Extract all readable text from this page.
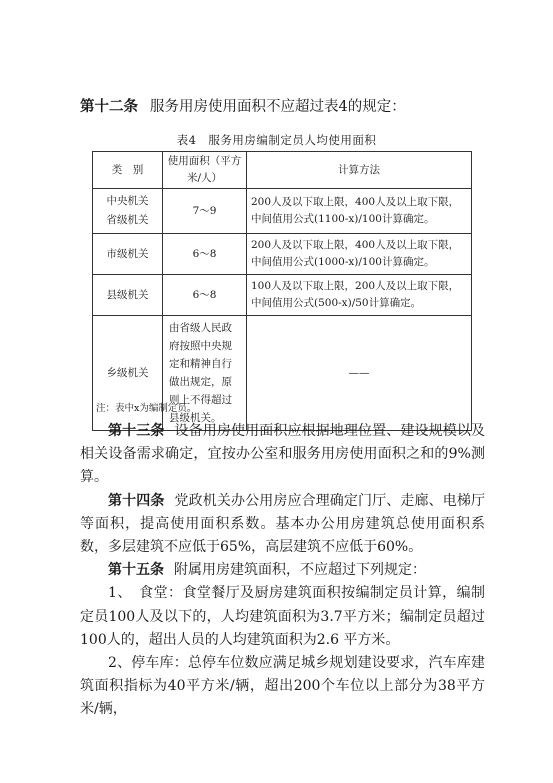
第十二条 服务用房使用面积不应超过表4的规定：
表4　服务用房编制定员人均使用面积
类　别	使用面积（平方米/人）	计算方法
中央机关
省级机关	7～9	200人及以下取上限，400人及以上取下限，中间值用公式(1100-x)/100计算确定。
市级机关	6～8	200人及以下取上限，400人及以上取下限，中间值用公式(1000-x)/100计算确定。
县级机关	6～8	100人及以下取上限，200人及以上取下限，中间值用公式(500-x)/50计算确定。
乡级机关	由省级人民政府按照中央规定和精神自行做出规定，原则上不得超过县级机关。	——
注：表中x为编制定员。

第十三条 设备用房使用面积应根据地理位置、建设规模以及相关设备需求确定，宜按办公室和服务用房使用面积之和的9%测算。

第十四条 党政机关办公用房应合理确定门厅、走廊、电梯厅等面积，提高使用面积系数。基本办公用房建筑总使用面积系数，多层建筑不应低于65%，高层建筑不应低于60%。

第十五条 附属用房建筑面积，不应超过下列规定：

1、　食堂：食堂餐厅及厨房建筑面积按编制定员计算，编制定员100人及以下的，人均建筑面积为3.7平方米；编制定员超过100人的，超出人员的人均建筑面积为2.6 平方米。

2、停车库：总停车位数应满足城乡规划建设要求，汽车库建筑面积指标为40平方米/辆，超出200个车位以上部分为38平方米/辆，
